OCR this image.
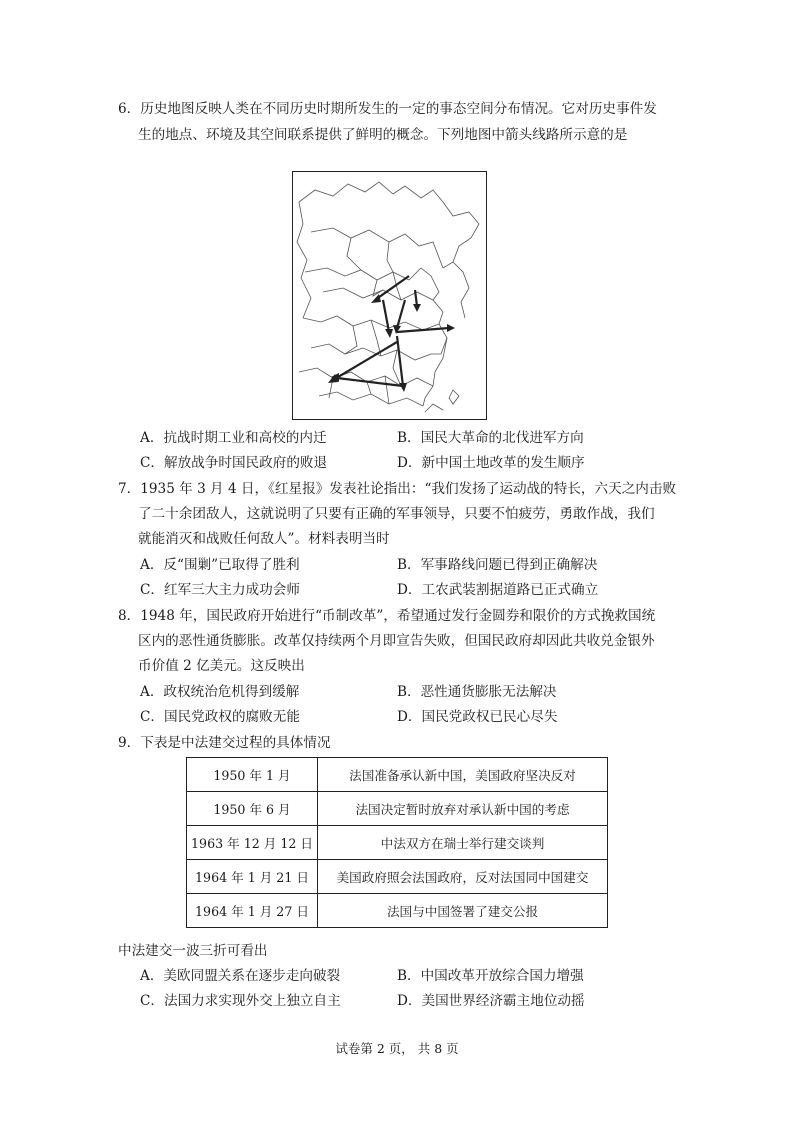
6．历史地图反映人类在不同历史时期所发生的一定的事态空间分布情况。它对历史事件发
生的地点、环境及其空间联系提供了鲜明的概念。下列地图中箭头线路所示意的是
A．抗战时期工业和高校的内迁	B．国民大革命的北伐进军方向
C．解放战争时国民政府的败退	D．新中国土地改革的发生顺序
7．1935 年 3 月 4 日，《红星报》发表社论指出：“我们发扬了运动战的特长，六天之内击败
了二十余团敌人，这就说明了只要有正确的军事领导，只要不怕疲劳，勇敢作战，我们
就能消灭和战败任何敌人”。材料表明当时
A．反“围剿”已取得了胜利	B．军事路线问题已得到正确解决
C．红军三大主力成功会师	D．工农武装割据道路已正式确立
8．1948 年，国民政府开始进行“币制改革”，希望通过发行金圆券和限价的方式挽救国统
区内的恶性通货膨胀。改革仅持续两个月即宣告失败，但国民政府却因此共收兑金银外
币价值 2 亿美元。这反映出
A．政权统治危机得到缓解	B．恶性通货膨胀无法解决
C．国民党政权的腐败无能	D．国民党政权已民心尽失
9．下表是中法建交过程的具体情况
1950 年 1 月	法国准备承认新中国，美国政府坚决反对
1950 年 6 月	法国决定暂时放弃对承认新中国的考虑
1963 年 12 月 12 日	中法双方在瑞士举行建交谈判
1964 年 1 月 21 日	美国政府照会法国政府，反对法国同中国建交
1964 年 1 月 27 日	法国与中国签署了建交公报
中法建交一波三折可看出
A．美欧同盟关系在逐步走向破裂	B．中国改革开放综合国力增强
C．法国力求实现外交上独立自主	D．美国世界经济霸主地位动摇
试卷第 2 页， 共 8 页
